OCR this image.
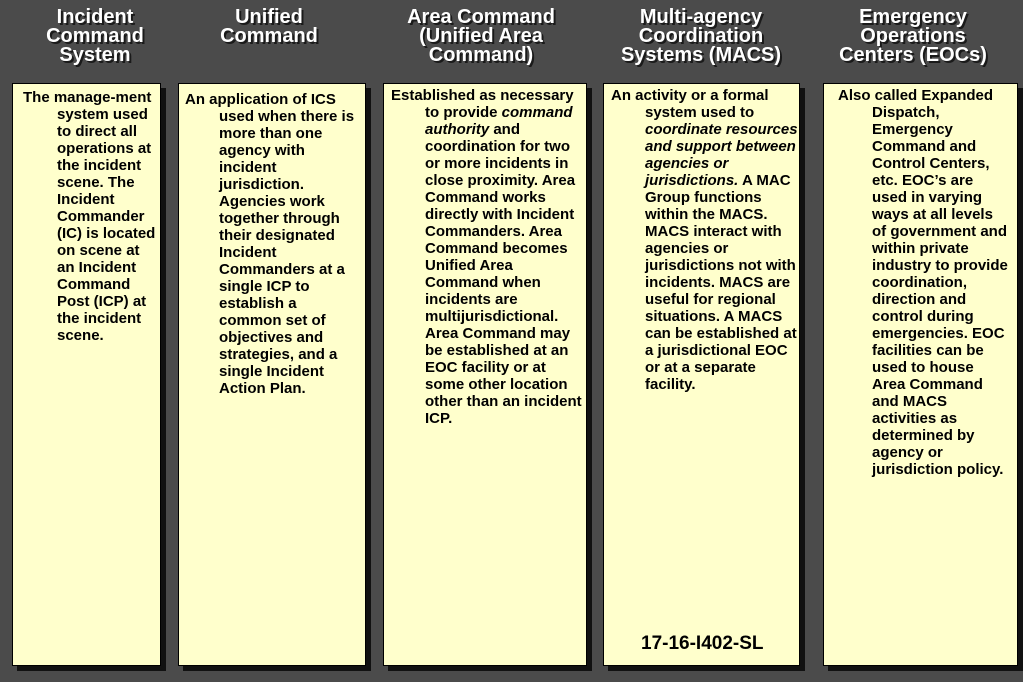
Incident
Command
System
Unified
Command
Area Command
(Unified Area
Command)
Multi-agency
Coordination
Systems (MACS)
Emergency
Operations
Centers (EOCs)

The manage-ment system used to direct all operations at the incident scene. The Incident Commander (IC) is located on scene at an Incident Command Post (ICP) at the incident scene.

An application of ICS used when there is more than one agency with incident jurisdiction. Agencies work together through their designated Incident Commanders at a single ICP to establish a common set of objectives and strategies, and a single Incident Action Plan.

Established as necessary to provide command authority and coordination for two or more incidents in close proximity. Area Command works directly with Incident Commanders. Area Command becomes Unified Area Command when incidents are multijurisdictional. Area Command may be established at an EOC facility or at some other location other than an incident ICP.

An activity or a formal system used to coordinate resources and support between agencies or jurisdictions. A MAC Group functions within the MACS. MACS interact with agencies or jurisdictions not with incidents. MACS are useful for regional situations. A MACS can be established at a jurisdictional EOC or at a separate facility.

Also called Expanded Dispatch, Emergency Command and Control Centers, etc. EOC’s are used in varying ways at all levels of government and within private industry to provide coordination, direction and control during emergencies. EOC facilities can be used to house Area Command and MACS activities as determined by agency or jurisdiction policy.

17-16-I402-SL
